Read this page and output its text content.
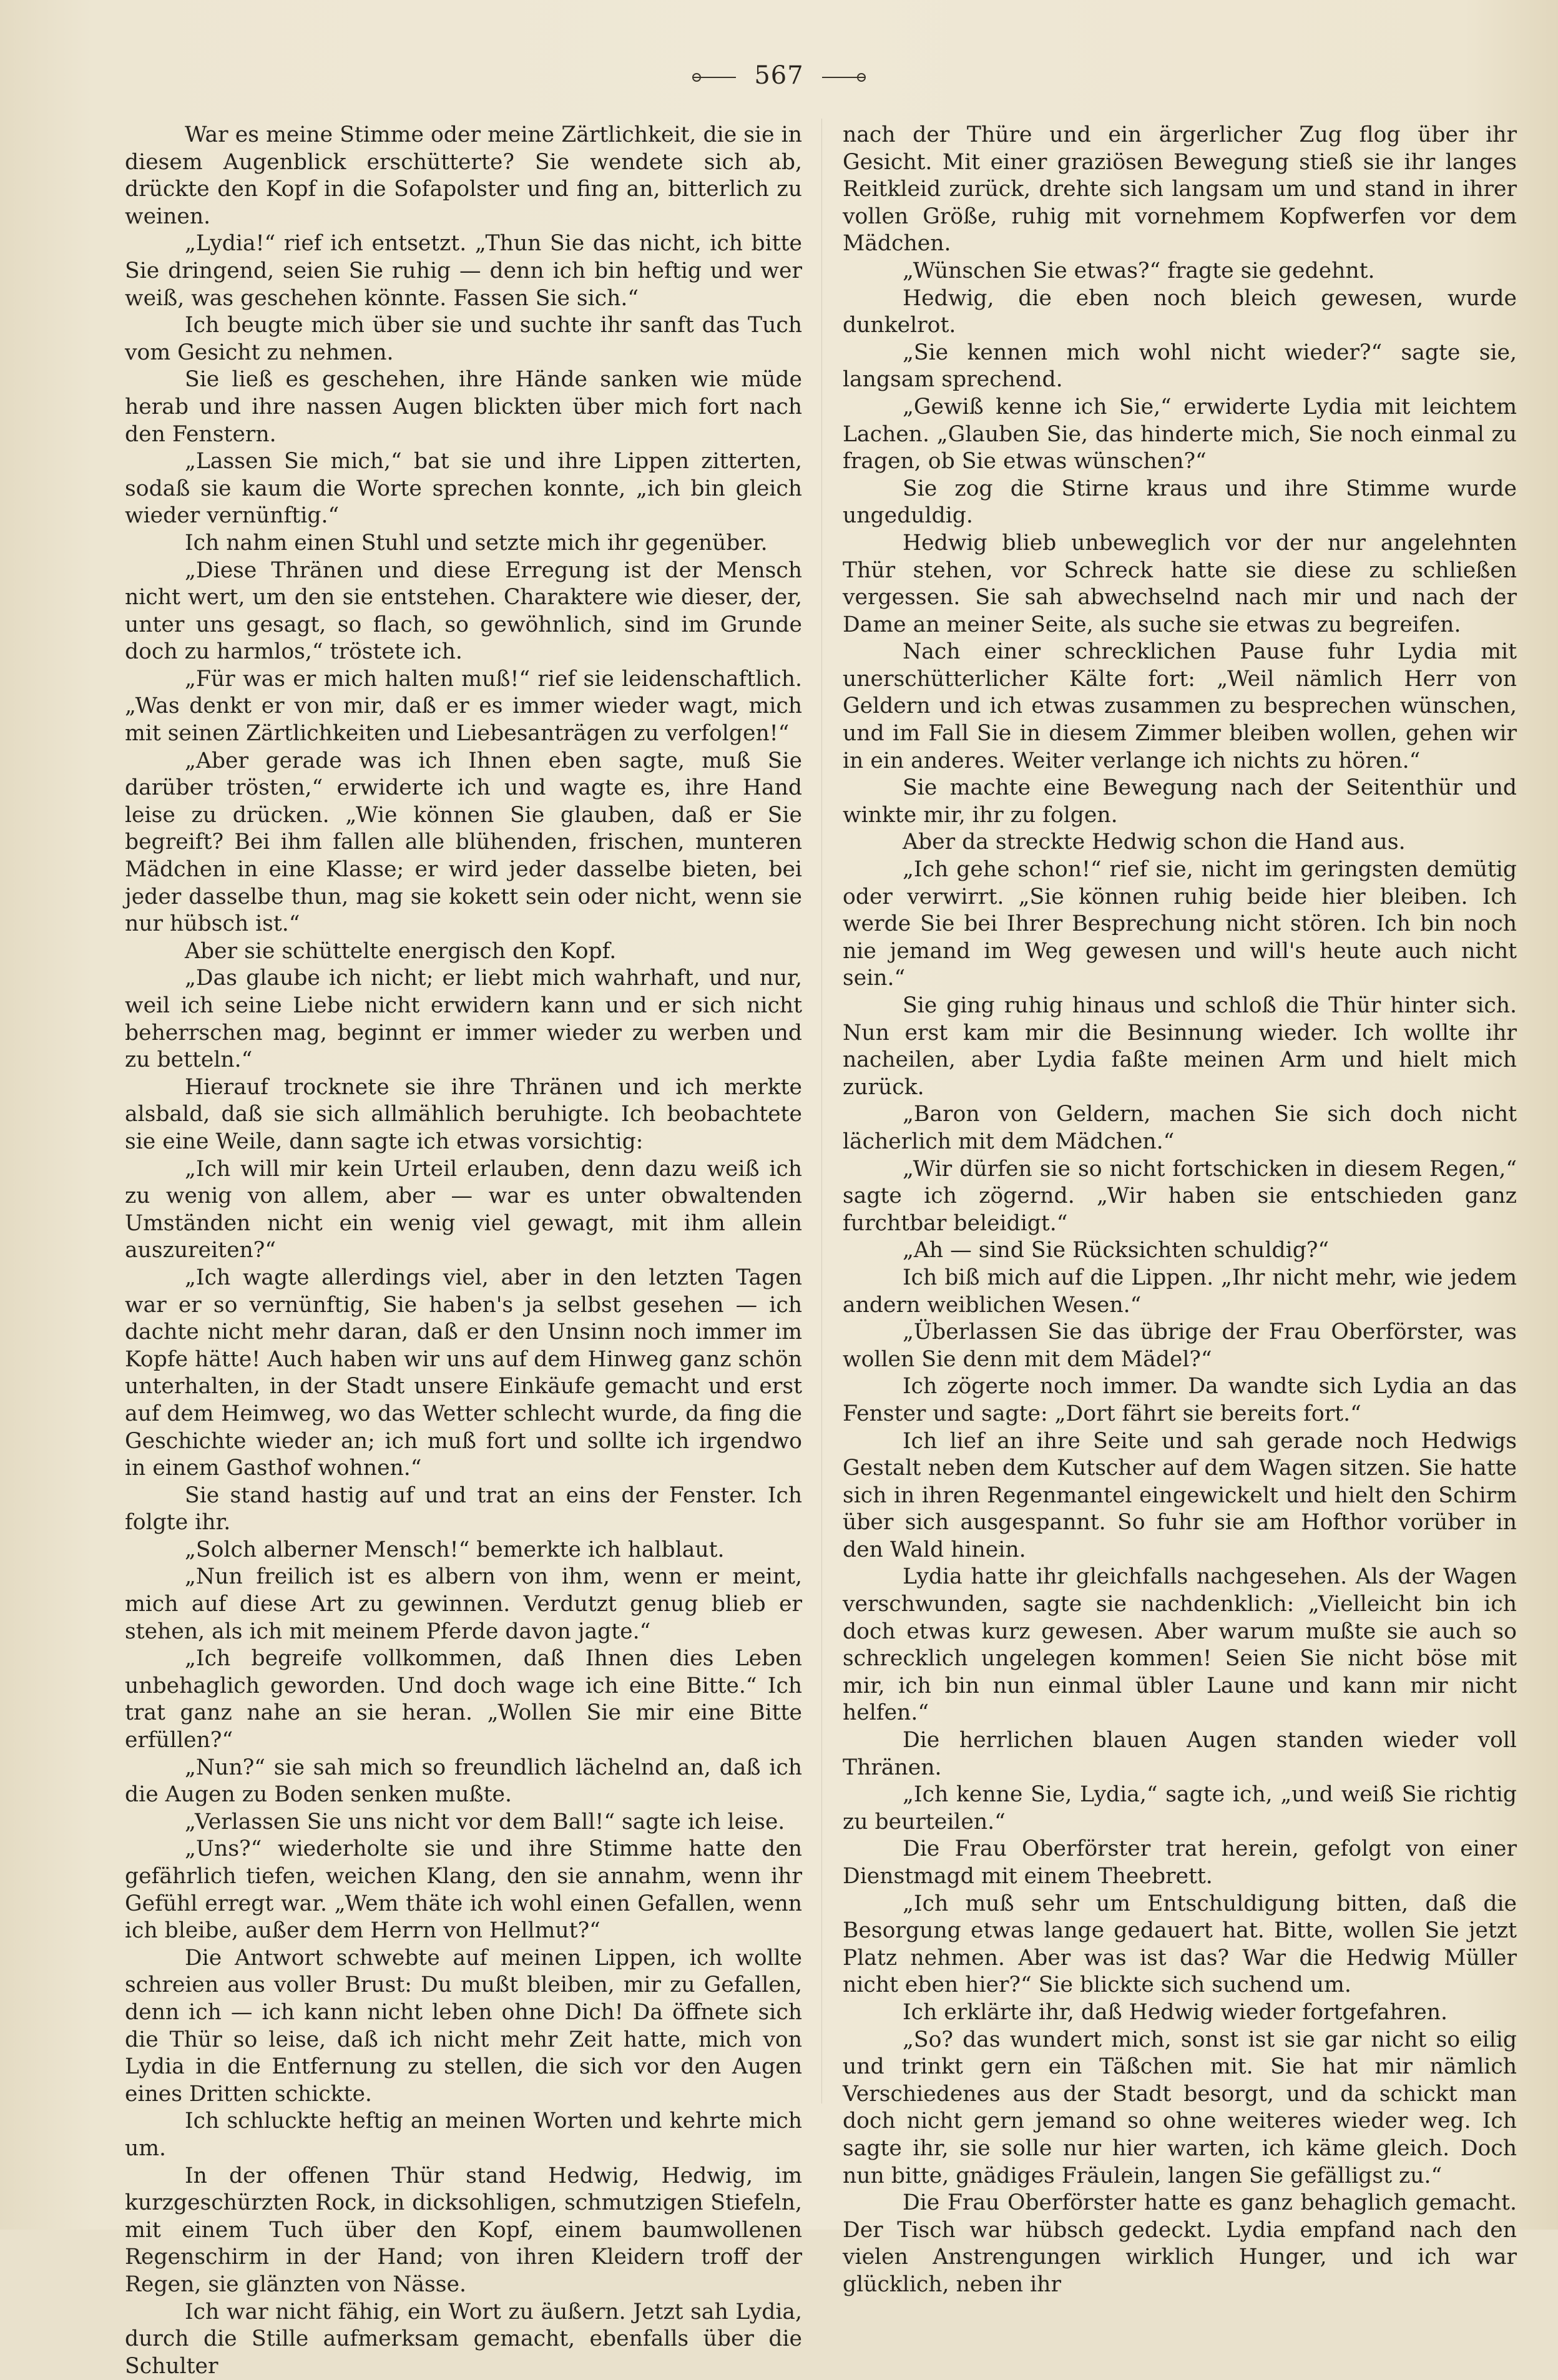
567

War es meine Stimme oder meine Zärtlichkeit, die sie in diesem Augenblick erschütterte? Sie wendete sich ab, drückte den Kopf in die Sofapolster und fing an, bitterlich zu weinen.

„Lydia!“ rief ich entsetzt. „Thun Sie das nicht, ich bitte Sie dringend, seien Sie ruhig — denn ich bin heftig und wer weiß, was geschehen könnte. Fassen Sie sich.“

Ich beugte mich über sie und suchte ihr sanft das Tuch vom Gesicht zu nehmen.

Sie ließ es geschehen, ihre Hände sanken wie müde herab und ihre nassen Augen blickten über mich fort nach den Fenstern.

„Lassen Sie mich,“ bat sie und ihre Lippen zitterten, sodaß sie kaum die Worte sprechen konnte, „ich bin gleich wieder vernünftig.“

Ich nahm einen Stuhl und setzte mich ihr gegenüber.

„Diese Thränen und diese Erregung ist der Mensch nicht wert, um den sie entstehen. Charaktere wie dieser, der, unter uns gesagt, so flach, so gewöhnlich, sind im Grunde doch zu harmlos,“ tröstete ich.

„Für was er mich halten muß!“ rief sie leidenschaftlich. „Was denkt er von mir, daß er es immer wieder wagt, mich mit seinen Zärtlichkeiten und Liebesanträgen zu verfolgen!“

„Aber gerade was ich Ihnen eben sagte, muß Sie darüber trösten,“ erwiderte ich und wagte es, ihre Hand leise zu drücken. „Wie können Sie glauben, daß er Sie begreift? Bei ihm fallen alle blühenden, frischen, munteren Mädchen in eine Klasse; er wird jeder dasselbe bieten, bei jeder dasselbe thun, mag sie kokett sein oder nicht, wenn sie nur hübsch ist.“

Aber sie schüttelte energisch den Kopf.

„Das glaube ich nicht; er liebt mich wahrhaft, und nur, weil ich seine Liebe nicht erwidern kann und er sich nicht beherrschen mag, beginnt er immer wieder zu werben und zu betteln.“

Hierauf trocknete sie ihre Thränen und ich merkte alsbald, daß sie sich allmählich beruhigte. Ich beobachtete sie eine Weile, dann sagte ich etwas vorsichtig:

„Ich will mir kein Urteil erlauben, denn dazu weiß ich zu wenig von allem, aber — war es unter obwaltenden Umständen nicht ein wenig viel gewagt, mit ihm allein auszureiten?“

„Ich wagte allerdings viel, aber in den letzten Tagen war er so vernünftig, Sie haben's ja selbst gesehen — ich dachte nicht mehr daran, daß er den Unsinn noch immer im Kopfe hätte! Auch haben wir uns auf dem Hinweg ganz schön unterhalten, in der Stadt unsere Einkäufe gemacht und erst auf dem Heimweg, wo das Wetter schlecht wurde, da fing die Geschichte wieder an; ich muß fort und sollte ich irgendwo in einem Gasthof wohnen.“

Sie stand hastig auf und trat an eins der Fenster. Ich folgte ihr.

„Solch alberner Mensch!“ bemerkte ich halblaut.

„Nun freilich ist es albern von ihm, wenn er meint, mich auf diese Art zu gewinnen. Verdutzt genug blieb er stehen, als ich mit meinem Pferde davon jagte.“

„Ich begreife vollkommen, daß Ihnen dies Leben unbehaglich geworden. Und doch wage ich eine Bitte.“ Ich trat ganz nahe an sie heran. „Wollen Sie mir eine Bitte erfüllen?“

„Nun?“ sie sah mich so freundlich lächelnd an, daß ich die Augen zu Boden senken mußte.

„Verlassen Sie uns nicht vor dem Ball!“ sagte ich leise.

„Uns?“ wiederholte sie und ihre Stimme hatte den gefährlich tiefen, weichen Klang, den sie annahm, wenn ihr Gefühl erregt war. „Wem thäte ich wohl einen Gefallen, wenn ich bleibe, außer dem Herrn von Hellmut?“

Die Antwort schwebte auf meinen Lippen, ich wollte schreien aus voller Brust: Du mußt bleiben, mir zu Gefallen, denn ich — ich kann nicht leben ohne Dich! Da öffnete sich die Thür so leise, daß ich nicht mehr Zeit hatte, mich von Lydia in die Entfernung zu stellen, die sich vor den Augen eines Dritten schickte.

Ich schluckte heftig an meinen Worten und kehrte mich um.

In der offenen Thür stand Hedwig, Hedwig, im kurzgeschürzten Rock, in dicksohligen, schmutzigen Stiefeln, mit einem Tuch über den Kopf, einem baumwollenen Regenschirm in der Hand; von ihren Kleidern troff der Regen, sie glänzten von Nässe.

Ich war nicht fähig, ein Wort zu äußern. Jetzt sah Lydia, durch die Stille aufmerksam gemacht, ebenfalls über die Schulter

nach der Thüre und ein ärgerlicher Zug flog über ihr Gesicht. Mit einer graziösen Bewegung stieß sie ihr langes Reitkleid zurück, drehte sich langsam um und stand in ihrer vollen Größe, ruhig mit vornehmem Kopfwerfen vor dem Mädchen.

„Wünschen Sie etwas?“ fragte sie gedehnt.

Hedwig, die eben noch bleich gewesen, wurde dunkelrot.

„Sie kennen mich wohl nicht wieder?“ sagte sie, langsam sprechend.

„Gewiß kenne ich Sie,“ erwiderte Lydia mit leichtem Lachen. „Glauben Sie, das hinderte mich, Sie noch einmal zu fragen, ob Sie etwas wünschen?“

Sie zog die Stirne kraus und ihre Stimme wurde ungeduldig.

Hedwig blieb unbeweglich vor der nur angelehnten Thür stehen, vor Schreck hatte sie diese zu schließen vergessen. Sie sah abwechselnd nach mir und nach der Dame an meiner Seite, als suche sie etwas zu begreifen.

Nach einer schrecklichen Pause fuhr Lydia mit unerschütterlicher Kälte fort: „Weil nämlich Herr von Geldern und ich etwas zusammen zu besprechen wünschen, und im Fall Sie in diesem Zimmer bleiben wollen, gehen wir in ein anderes. Weiter verlange ich nichts zu hören.“

Sie machte eine Bewegung nach der Seitenthür und winkte mir, ihr zu folgen.

Aber da streckte Hedwig schon die Hand aus.

„Ich gehe schon!“ rief sie, nicht im geringsten demütig oder verwirrt. „Sie können ruhig beide hier bleiben. Ich werde Sie bei Ihrer Besprechung nicht stören. Ich bin noch nie jemand im Weg gewesen und will's heute auch nicht sein.“

Sie ging ruhig hinaus und schloß die Thür hinter sich. Nun erst kam mir die Besinnung wieder. Ich wollte ihr nacheilen, aber Lydia faßte meinen Arm und hielt mich zurück.

„Baron von Geldern, machen Sie sich doch nicht lächerlich mit dem Mädchen.“

„Wir dürfen sie so nicht fortschicken in diesem Regen,“ sagte ich zögernd. „Wir haben sie entschieden ganz furchtbar beleidigt.“

„Ah — sind Sie Rücksichten schuldig?“

Ich biß mich auf die Lippen. „Ihr nicht mehr, wie jedem andern weiblichen Wesen.“

„Überlassen Sie das übrige der Frau Oberförster, was wollen Sie denn mit dem Mädel?“

Ich zögerte noch immer. Da wandte sich Lydia an das Fenster und sagte: „Dort fährt sie bereits fort.“

Ich lief an ihre Seite und sah gerade noch Hedwigs Gestalt neben dem Kutscher auf dem Wagen sitzen. Sie hatte sich in ihren Regenmantel eingewickelt und hielt den Schirm über sich ausgespannt. So fuhr sie am Hofthor vorüber in den Wald hinein.

Lydia hatte ihr gleichfalls nachgesehen. Als der Wagen verschwunden, sagte sie nachdenklich: „Vielleicht bin ich doch etwas kurz gewesen. Aber warum mußte sie auch so schrecklich ungelegen kommen! Seien Sie nicht böse mit mir, ich bin nun einmal übler Laune und kann mir nicht helfen.“

Die herrlichen blauen Augen standen wieder voll Thränen.

„Ich kenne Sie, Lydia,“ sagte ich, „und weiß Sie richtig zu beurteilen.“

Die Frau Oberförster trat herein, gefolgt von einer Dienstmagd mit einem Theebrett.

„Ich muß sehr um Entschuldigung bitten, daß die Besorgung etwas lange gedauert hat. Bitte, wollen Sie jetzt Platz nehmen. Aber was ist das? War die Hedwig Müller nicht eben hier?“ Sie blickte sich suchend um.

Ich erklärte ihr, daß Hedwig wieder fortgefahren.

„So? das wundert mich, sonst ist sie gar nicht so eilig und trinkt gern ein Täßchen mit. Sie hat mir nämlich Verschiedenes aus der Stadt besorgt, und da schickt man doch nicht gern jemand so ohne weiteres wieder weg. Ich sagte ihr, sie solle nur hier warten, ich käme gleich. Doch nun bitte, gnädiges Fräulein, langen Sie gefälligst zu.“

Die Frau Oberförster hatte es ganz behaglich gemacht. Der Tisch war hübsch gedeckt. Lydia empfand nach den vielen Anstrengungen wirklich Hunger, und ich war glücklich, neben ihr
